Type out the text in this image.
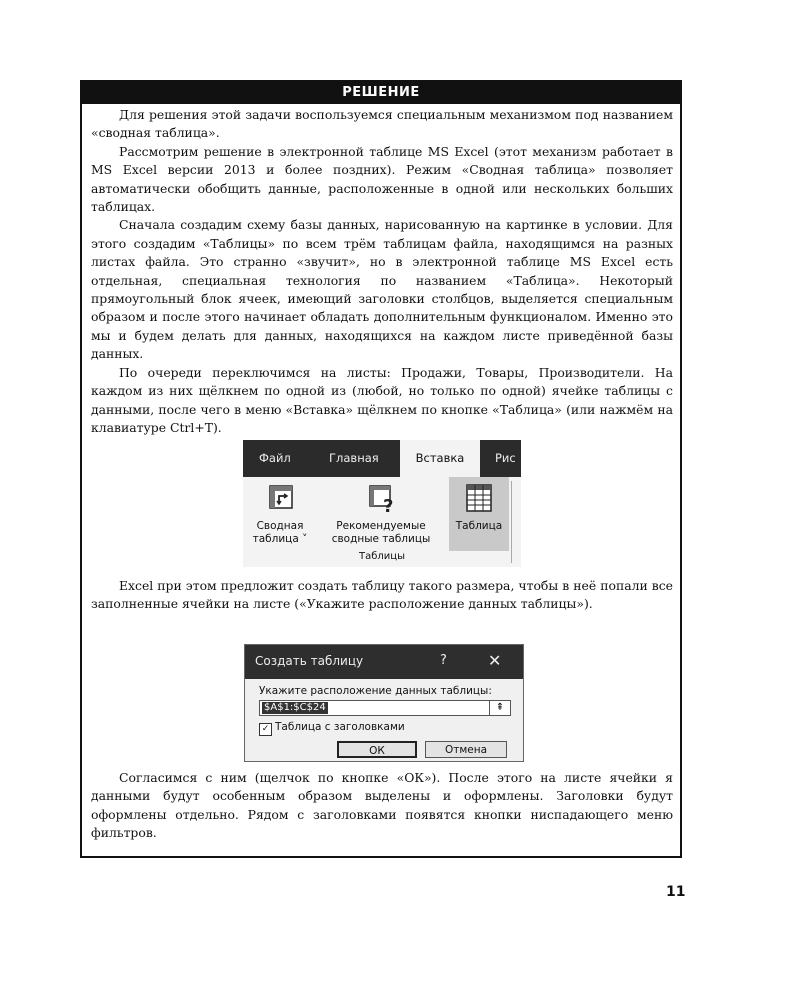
РЕШЕНИЕ

Для решения этой задачи воспользуемся специальным механизмом под названием «сводная таблица».

Рассмотрим решение в электронной таблице MS Excel (этот механизм работает в MS Excel версии 2013 и более поздних). Режим «Сводная таблица» позволяет автоматически обобщить данные, расположенные в одной или нескольких больших таблицах.

Сначала создадим схему базы данных, нарисованную на картинке в условии. Для этого создадим «Таблицы» по всем трём таблицам файла, находящимся на разных листах файла. Это странно «звучит», но в электронной таблице MS Excel есть отдельная, специальная технология по названием «Таблица». Некоторый прямоугольный блок ячеек, имеющий заголовки столбцов, выделяется специальным образом и после этого начинает обладать дополнительным функционалом. Именно это мы и будем делать для данных, находящихся на каждом листе приведённой базы данных.

По очереди переключимся на листы: Продажи, Товары, Производители. На каждом из них щёлкнем по одной из (любой, но только по одной) ячейке таблицы с данными, после чего в меню «Вставка» щёлкнем по кнопке «Таблица» (или нажмём на клавиатуре Ctrl+T).

Файл	Главная	Вставка	Рис
Сводная
таблица ˅
?
Рекомендуемые
сводные таблицы
Таблица
Таблицы

Excel при этом предложит создать таблицу такого размера, чтобы в неё попали все заполненные ячейки на листе («Укажите расположение данных таблицы»).

Создать таблицу	?	✕
Укажите расположение данных таблицы:
$A$1:$C$24	⇞
✓ Таблица с заголовками
ОК	Отмена

Согласимся с ним (щелчок по кнопке «ОК»). После этого на листе ячейки я данными будут особенным образом выделены и оформлены. Заголовки будут оформлены отдельно. Рядом с заголовками появятся кнопки ниспадающего меню фильтров.

11
